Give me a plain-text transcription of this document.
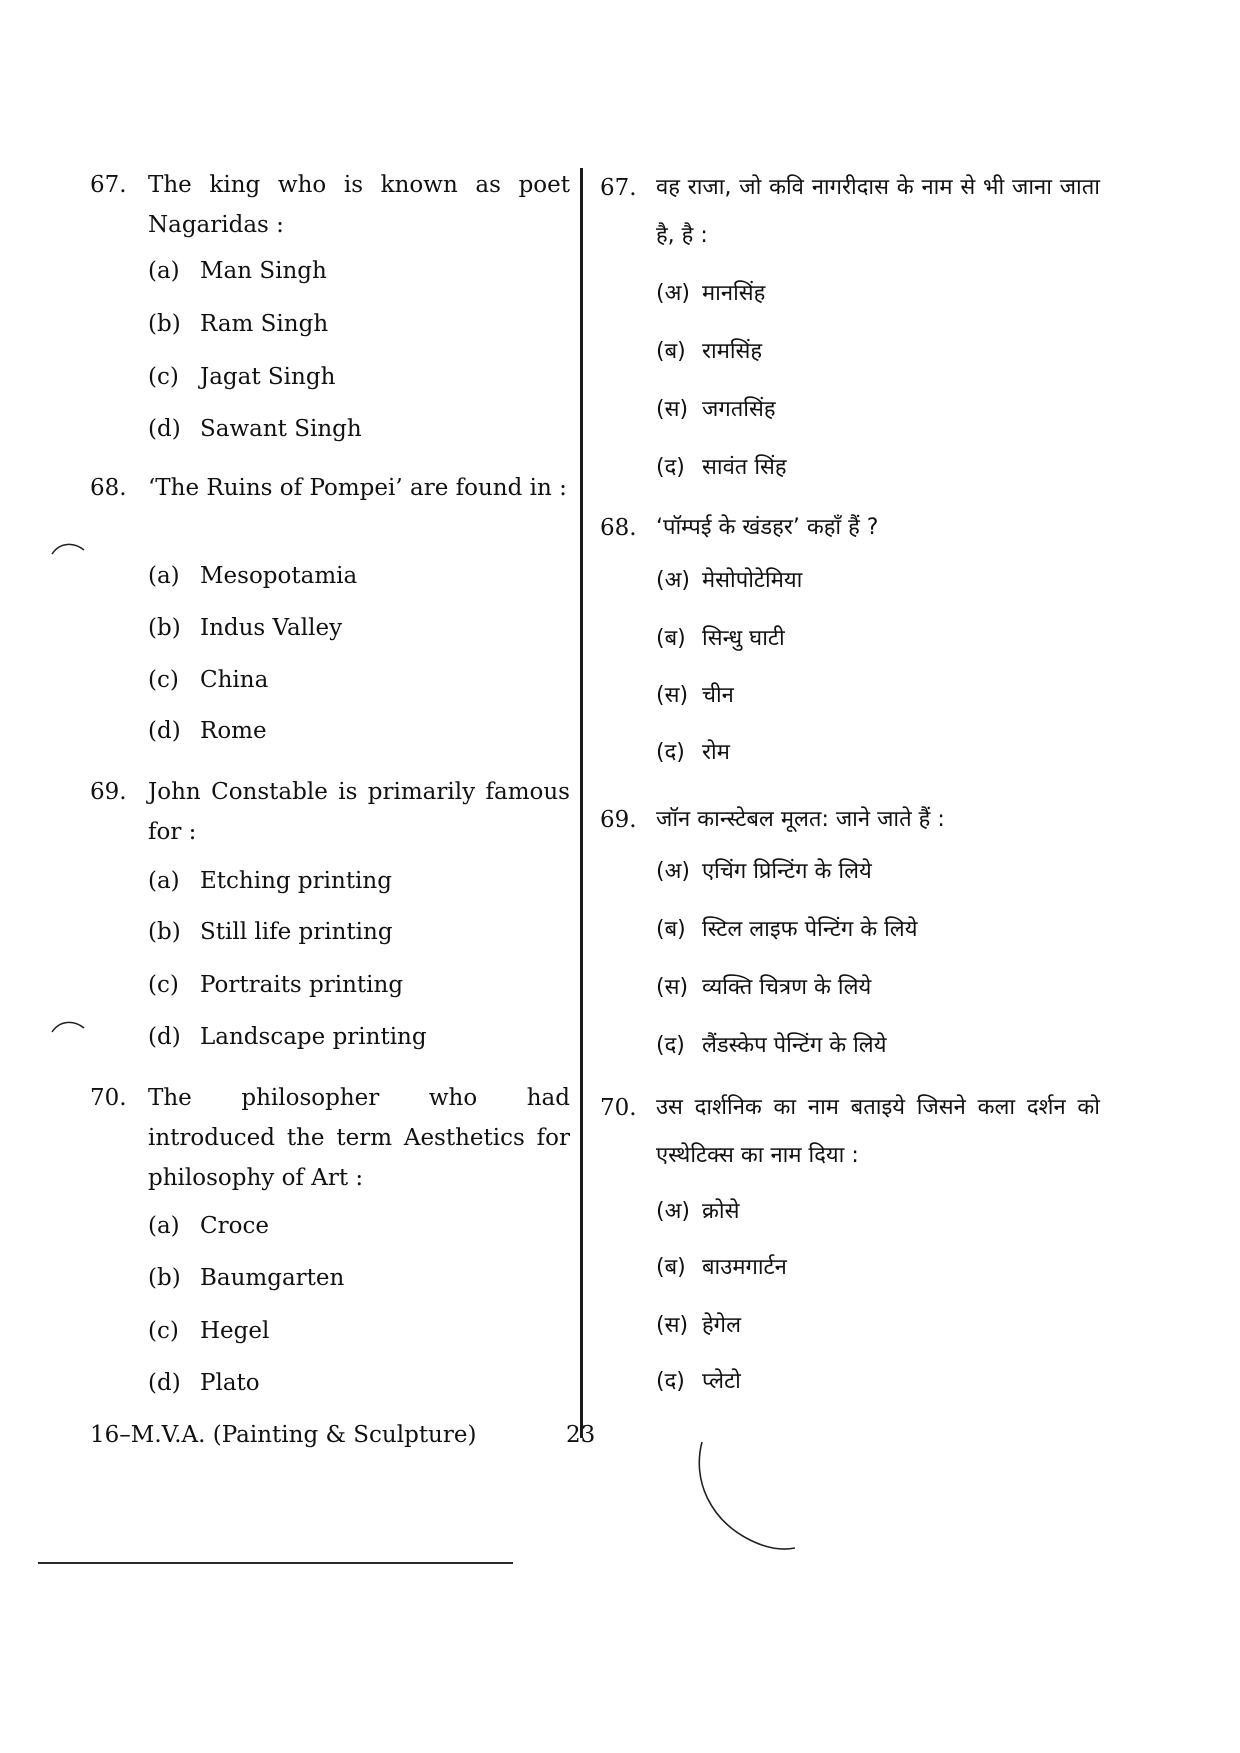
67. The king who is known as poet Nagaridas :
(a) Man Singh
(b) Ram Singh
(c) Jagat Singh
(d) Sawant Singh
68. ‘The Ruins of Pompei’ are found in :
(a) Mesopotamia
(b) Indus Valley
(c) China
(d) Rome
69. John Constable is primarily famous for :
(a) Etching printing
(b) Still life printing
(c) Portraits printing
(d) Landscape printing
70. The philosopher who had introduced the term Aesthetics for philosophy of Art :
(a) Croce
(b) Baumgarten
(c) Hegel
(d) Plato
67. वह राजा, जो कवि नागरीदास के नाम से भी जाना जाता है, है :
(अ) मानसिंह
(ब) रामसिंह
(स) जगतसिंह
(द) सावंत सिंह
68. ‘पॉम्पई के खंडहर’ कहाँ हैं ?
(अ) मेसोपोटेमिया
(ब) सिन्धु घाटी
(स) चीन
(द) रोम
69. जॉन कान्स्टेबल मूलत: जाने जाते हैं :
(अ) एचिंग प्रिन्टिंग के लिये
(ब) स्टिल लाइफ पेन्टिंग के लिये
(स) व्यक्ति चित्रण के लिये
(द) लैंडस्केप पेन्टिंग के लिये
70. उस दार्शनिक का नाम बताइये जिसने कला दर्शन को एस्थेटिक्स का नाम दिया :
(अ) क्रोसे
(ब) बाउमगार्टन
(स) हेगेल
(द) प्लेटो
16–M.V.A. (Painting & Sculpture)	23
